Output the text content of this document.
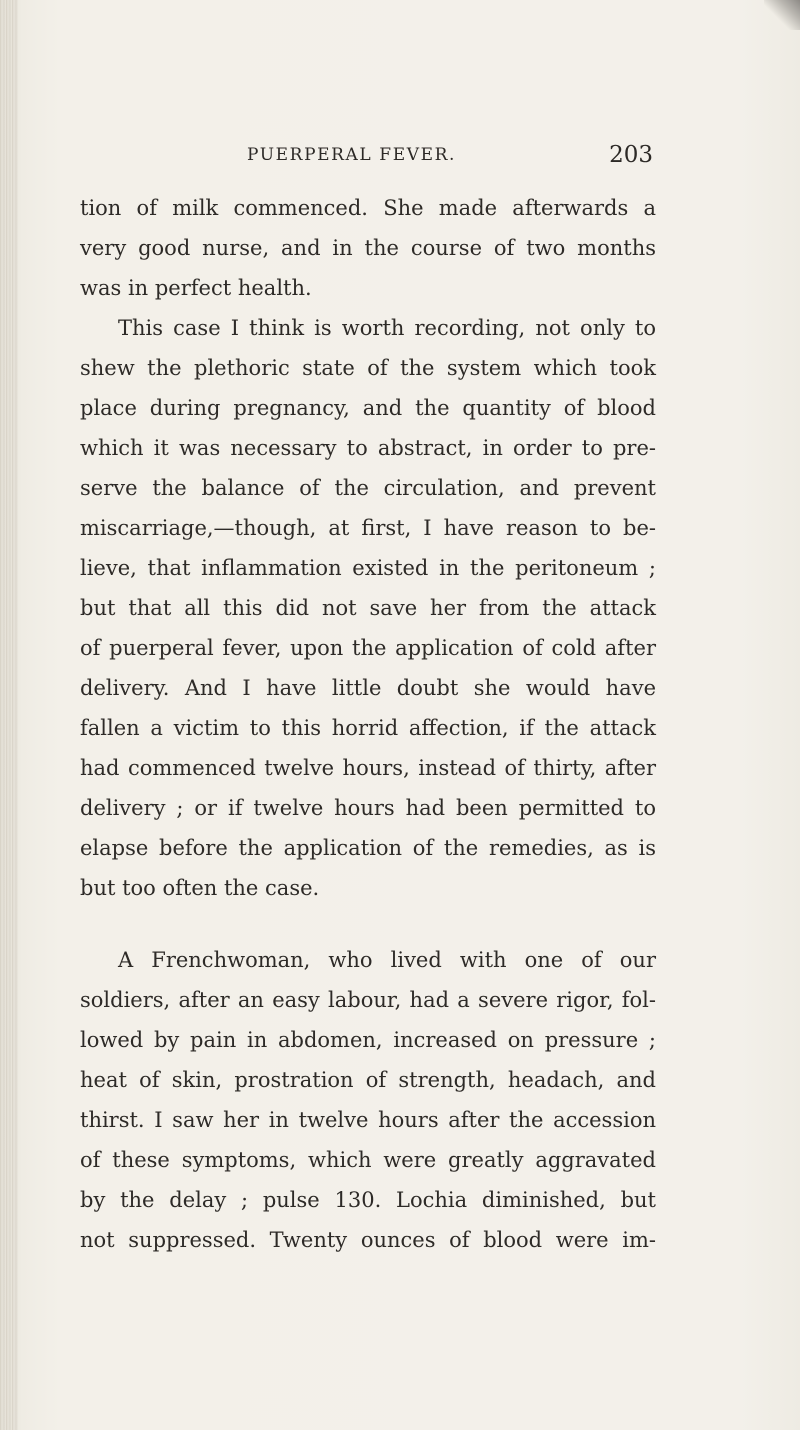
PUERPERAL FEVER.	203
tion of milk commenced. She made afterwards a
very good nurse, and in the course of two months
was in perfect health.
This case I think is worth recording, not only to
shew the plethoric state of the system which took
place during pregnancy, and the quantity of blood
which it was necessary to abstract, in order to pre-
serve the balance of the circulation, and prevent
miscarriage,—though, at first, I have reason to be-
lieve, that inflammation existed in the peritoneum ;
but that all this did not save her from the attack
of puerperal fever, upon the application of cold after
delivery. And I have little doubt she would have
fallen a victim to this horrid affection, if the attack
had commenced twelve hours, instead of thirty, after
delivery ; or if twelve hours had been permitted to
elapse before the application of the remedies, as is
but too often the case.
A Frenchwoman, who lived with one of our
soldiers, after an easy labour, had a severe rigor, fol-
lowed by pain in abdomen, increased on pressure ;
heat of skin, prostration of strength, headach, and
thirst. I saw her in twelve hours after the accession
of these symptoms, which were greatly aggravated
by the delay ; pulse 130. Lochia diminished, but
not suppressed. Twenty ounces of blood were im-
